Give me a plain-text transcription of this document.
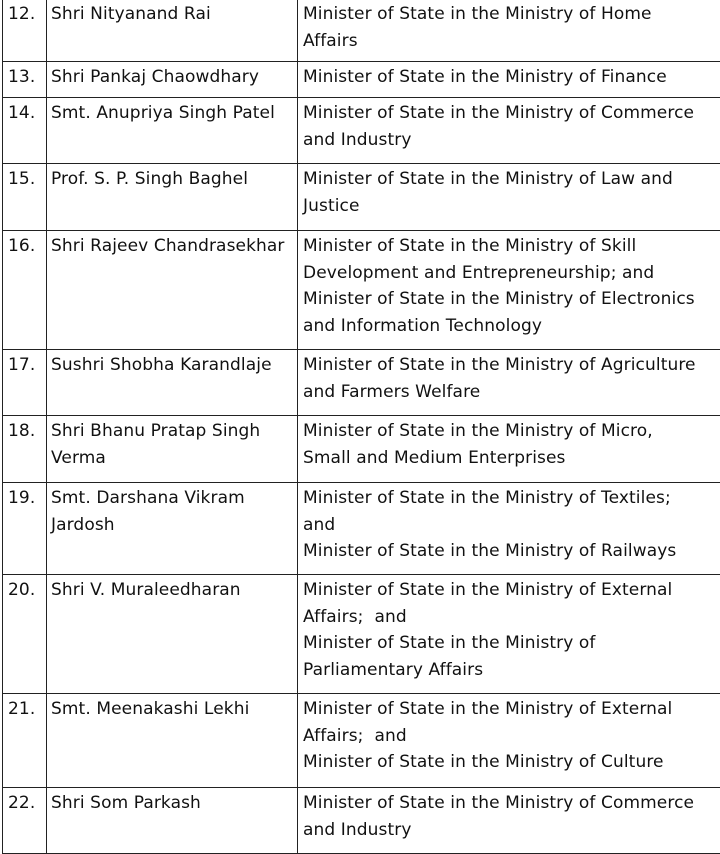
12.	Shri Nityanand Rai	Minister of State in the Ministry of Home
Affairs

13.	Shri Pankaj Chaowdhary	Minister of State in the Ministry of Finance

14.	Smt. Anupriya Singh Patel	Minister of State in the Ministry of Commerce
and Industry

15.	Prof. S. P. Singh Baghel	Minister of State in the Ministry of Law and
Justice

16.	Shri Rajeev Chandrasekhar	Minister of State in the Ministry of Skill
Development and Entrepreneurship; and
Minister of State in the Ministry of Electronics
and Information Technology

17.	Sushri Shobha Karandlaje	Minister of State in the Ministry of Agriculture
and Farmers Welfare

18.	Shri Bhanu Pratap Singh Verma	Minister of State in the Ministry of Micro,
Small and Medium Enterprises

19.	Smt. Darshana Vikram Jardosh	Minister of State in the Ministry of Textiles;
and
Minister of State in the Ministry of Railways

20.	Shri V. Muraleedharan	Minister of State in the Ministry of External
Affairs;  and
Minister of State in the Ministry of
Parliamentary Affairs

21.	Smt. Meenakashi Lekhi	Minister of State in the Ministry of External
Affairs;  and
Minister of State in the Ministry of Culture

22.	Shri Som Parkash	Minister of State in the Ministry of Commerce
and Industry
